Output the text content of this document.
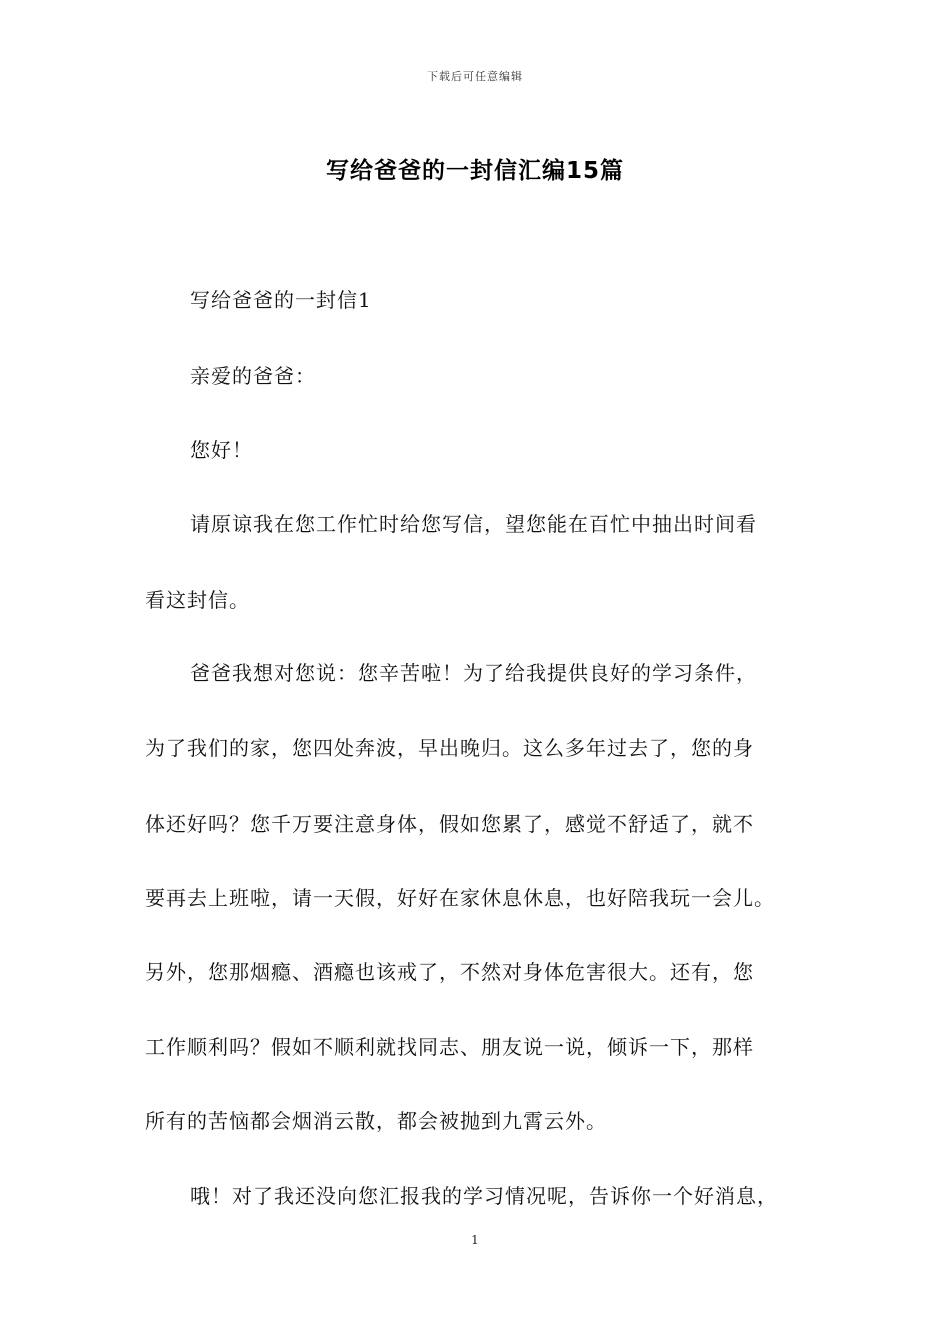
下载后可任意编辑
写给爸爸的一封信汇编15篇
写给爸爸的一封信1
亲爱的爸爸：
您好！
请原谅我在您工作忙时给您写信，望您能在百忙中抽出时间看
看这封信。
爸爸我想对您说：您辛苦啦！为了给我提供良好的学习条件，
为了我们的家，您四处奔波，早出晚归。这么多年过去了，您的身
体还好吗？您千万要注意身体，假如您累了，感觉不舒适了，就不
要再去上班啦，请一天假，好好在家休息休息，也好陪我玩一会儿。
另外，您那烟瘾、酒瘾也该戒了，不然对身体危害很大。还有，您
工作顺利吗？假如不顺利就找同志、朋友说一说，倾诉一下，那样
所有的苦恼都会烟消云散，都会被抛到九霄云外。
哦！对了我还没向您汇报我的学习情况呢，告诉你一个好消息，
1
